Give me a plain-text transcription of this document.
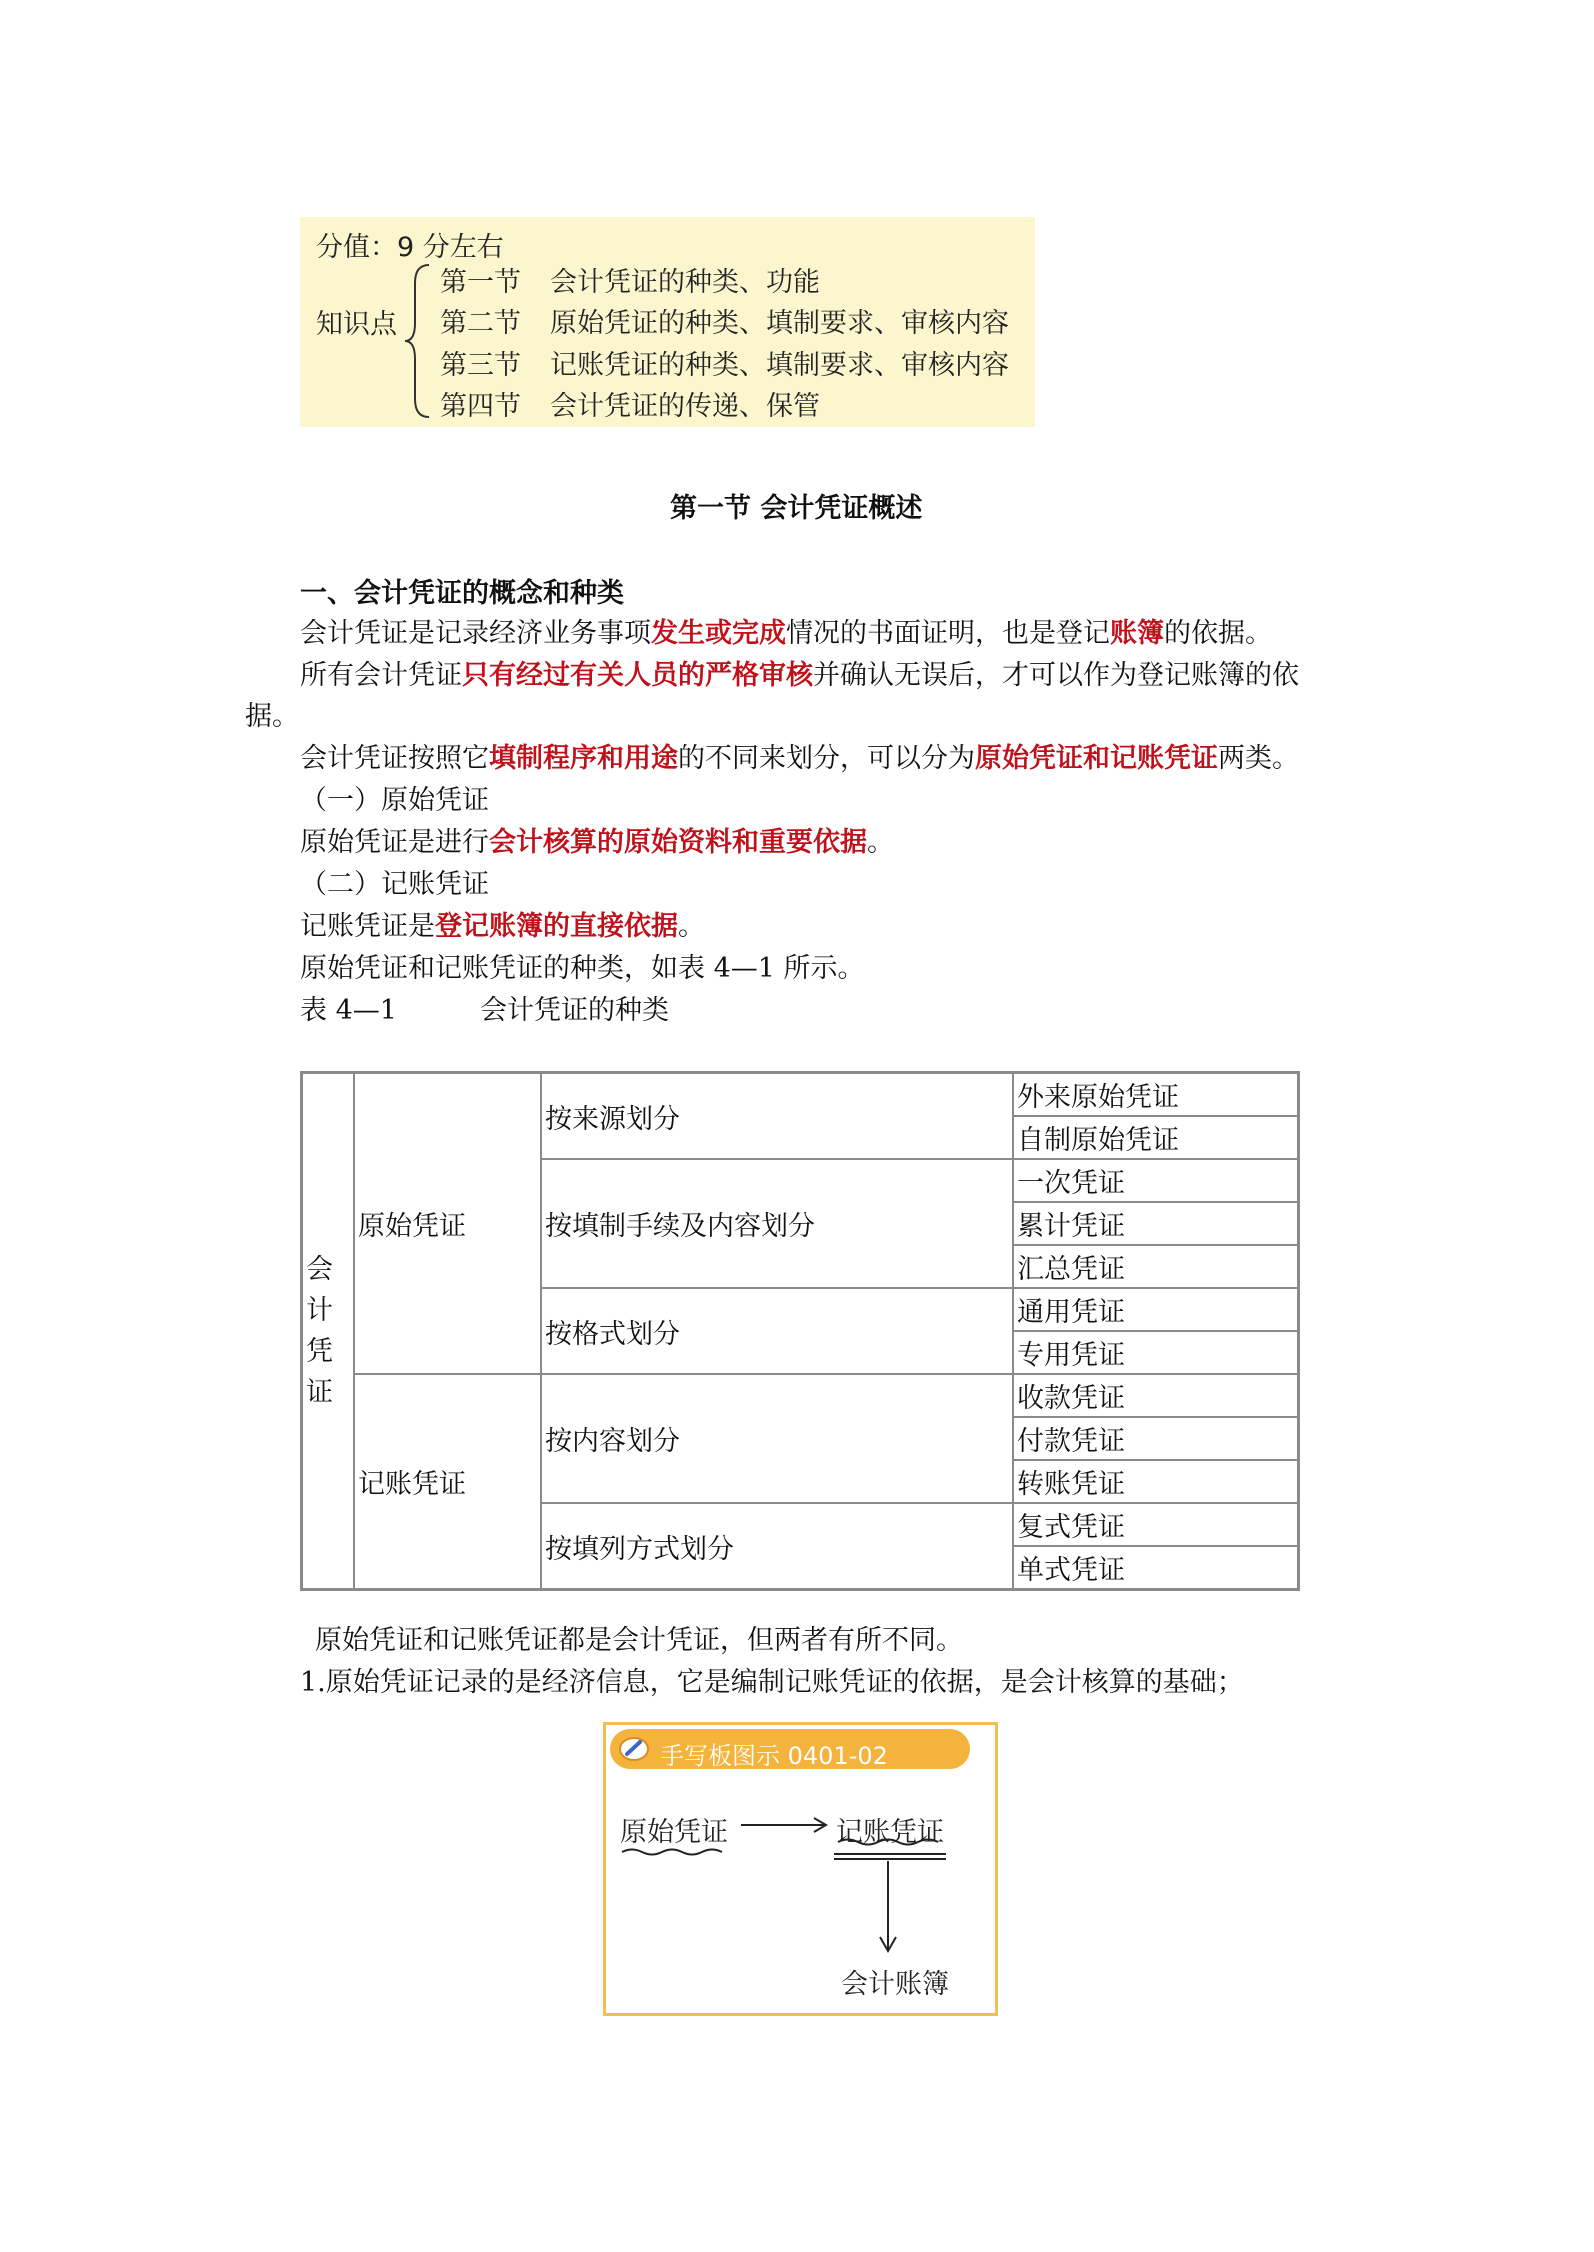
分值：9 分左右
知识点
第一节 会计凭证的种类、功能
第二节 原始凭证的种类、填制要求、审核内容
第三节 记账凭证的种类、填制要求、审核内容
第四节 会计凭证的传递、保管
第一节 会计凭证概述
一、会计凭证的概念和种类
会计凭证是记录经济业务事项发生或完成情况的书面证明，也是登记账簿的依据。
所有会计凭证只有经过有关人员的严格审核并确认无误后，才可以作为登记账簿的依
据。
会计凭证按照它填制程序和用途的不同来划分，可以分为原始凭证和记账凭证两类。
（一）原始凭证
原始凭证是进行会计核算的原始资料和重要依据。
（二）记账凭证
记账凭证是登记账簿的直接依据。
原始凭证和记账凭证的种类，如表 4—1 所示。
表 4—1	会计凭证的种类
会计凭证	原始凭证	按来源划分	外来原始凭证
			自制原始凭证
		按填制手续及内容划分	一次凭证
			累计凭证
			汇总凭证
		按格式划分	通用凭证
			专用凭证
	记账凭证	按内容划分	收款凭证
			付款凭证
			转账凭证
		按填列方式划分	复式凭证
			单式凭证
原始凭证和记账凭证都是会计凭证，但两者有所不同。
1.原始凭证记录的是经济信息，它是编制记账凭证的依据，是会计核算的基础；
手写板图示 0401-02
原始凭证	记账凭证
会计账簿
